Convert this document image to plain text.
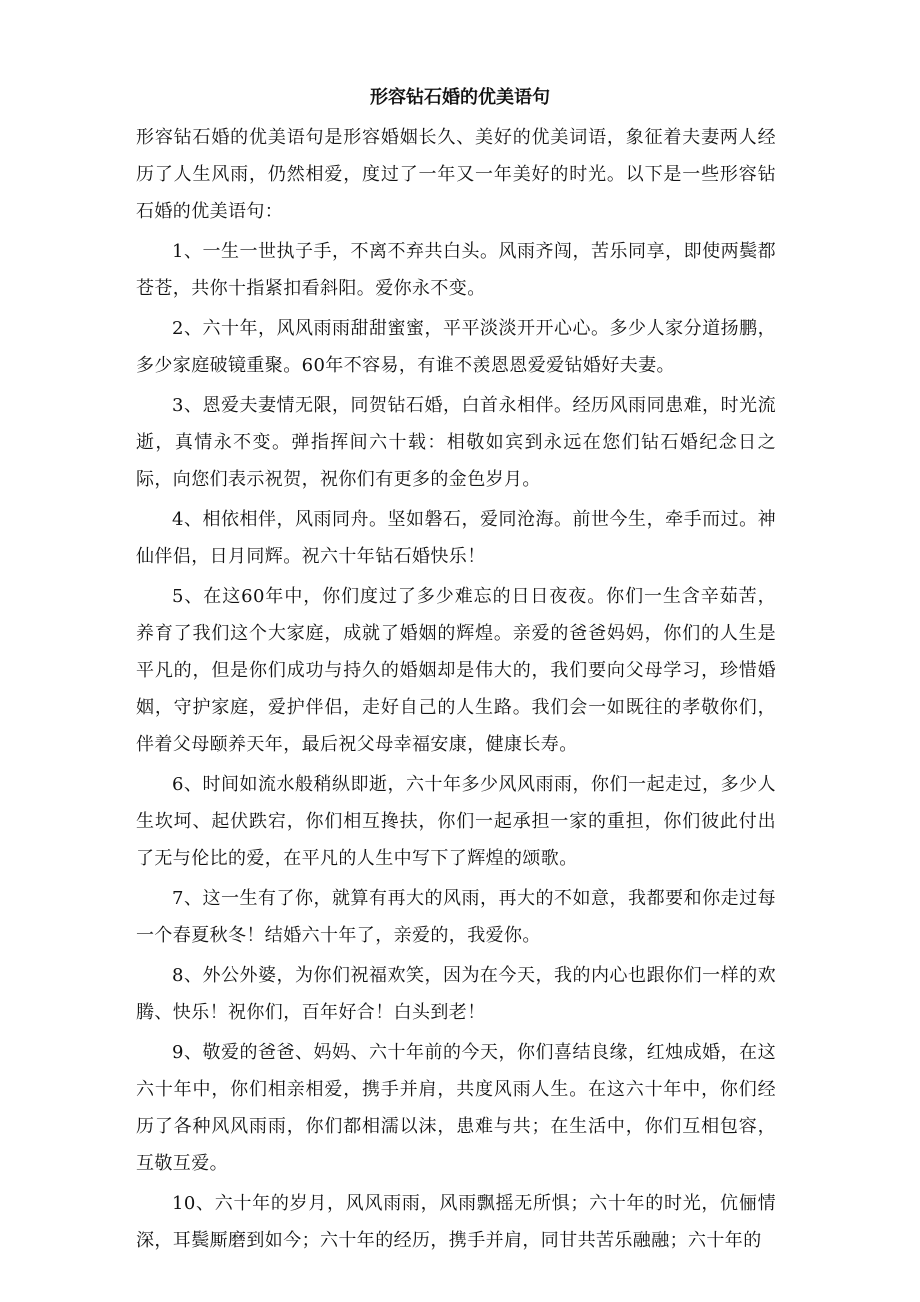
形容钻石婚的优美语句

形容钻石婚的优美语句是形容婚姻长久、美好的优美词语，象征着夫妻两人经历了人生风雨，仍然相爱，度过了一年又一年美好的时光。以下是一些形容钻石婚的优美语句：

1、一生一世执子手，不离不弃共白头。风雨齐闯，苦乐同享，即使两鬓都苍苍，共你十指紧扣看斜阳。爱你永不变。

2、六十年，风风雨雨甜甜蜜蜜，平平淡淡开开心心。多少人家分道扬鹏，多少家庭破镜重聚。60年不容易，有谁不羡恩恩爱爱钻婚好夫妻。

3、恩爱夫妻情无限，同贺钻石婚，白首永相伴。经历风雨同患难，时光流逝，真情永不变。弹指挥间六十载：相敬如宾到永远在您们钻石婚纪念日之际，向您们表示祝贺，祝你们有更多的金色岁月。

4、相依相伴，风雨同舟。坚如磐石，爱同沧海。前世今生，牵手而过。神仙伴侣，日月同辉。祝六十年钻石婚快乐！

5、在这60年中，你们度过了多少难忘的日日夜夜。你们一生含辛茹苦，养育了我们这个大家庭，成就了婚姻的辉煌。亲爱的爸爸妈妈，你们的人生是平凡的，但是你们成功与持久的婚姻却是伟大的，我们要向父母学习，珍惜婚姻，守护家庭，爱护伴侣，走好自己的人生路。我们会一如既往的孝敬你们，伴着父母颐养天年，最后祝父母幸福安康，健康长寿。

6、时间如流水般稍纵即逝，六十年多少风风雨雨，你们一起走过，多少人生坎坷、起伏跌宕，你们相互搀扶，你们一起承担一家的重担，你们彼此付出了无与伦比的爱，在平凡的人生中写下了辉煌的颂歌。

7、这一生有了你，就算有再大的风雨，再大的不如意，我都要和你走过每一个春夏秋冬！结婚六十年了，亲爱的，我爱你。

8、外公外婆，为你们祝福欢笑，因为在今天，我的内心也跟你们一样的欢腾、快乐！祝你们，百年好合！白头到老！

9、敬爱的爸爸、妈妈、六十年前的今天，你们喜结良缘，红烛成婚，在这六十年中，你们相亲相爱，携手并肩，共度风雨人生。在这六十年中，你们经历了各种风风雨雨，你们都相濡以沫，患难与共；在生活中，你们互相包容，互敬互爱。

10、六十年的岁月，风风雨雨，风雨飘摇无所惧；六十年的时光，伉俪情深，耳鬓厮磨到如今；六十年的经历，携手并肩，同甘共苦乐融融；六十年的
